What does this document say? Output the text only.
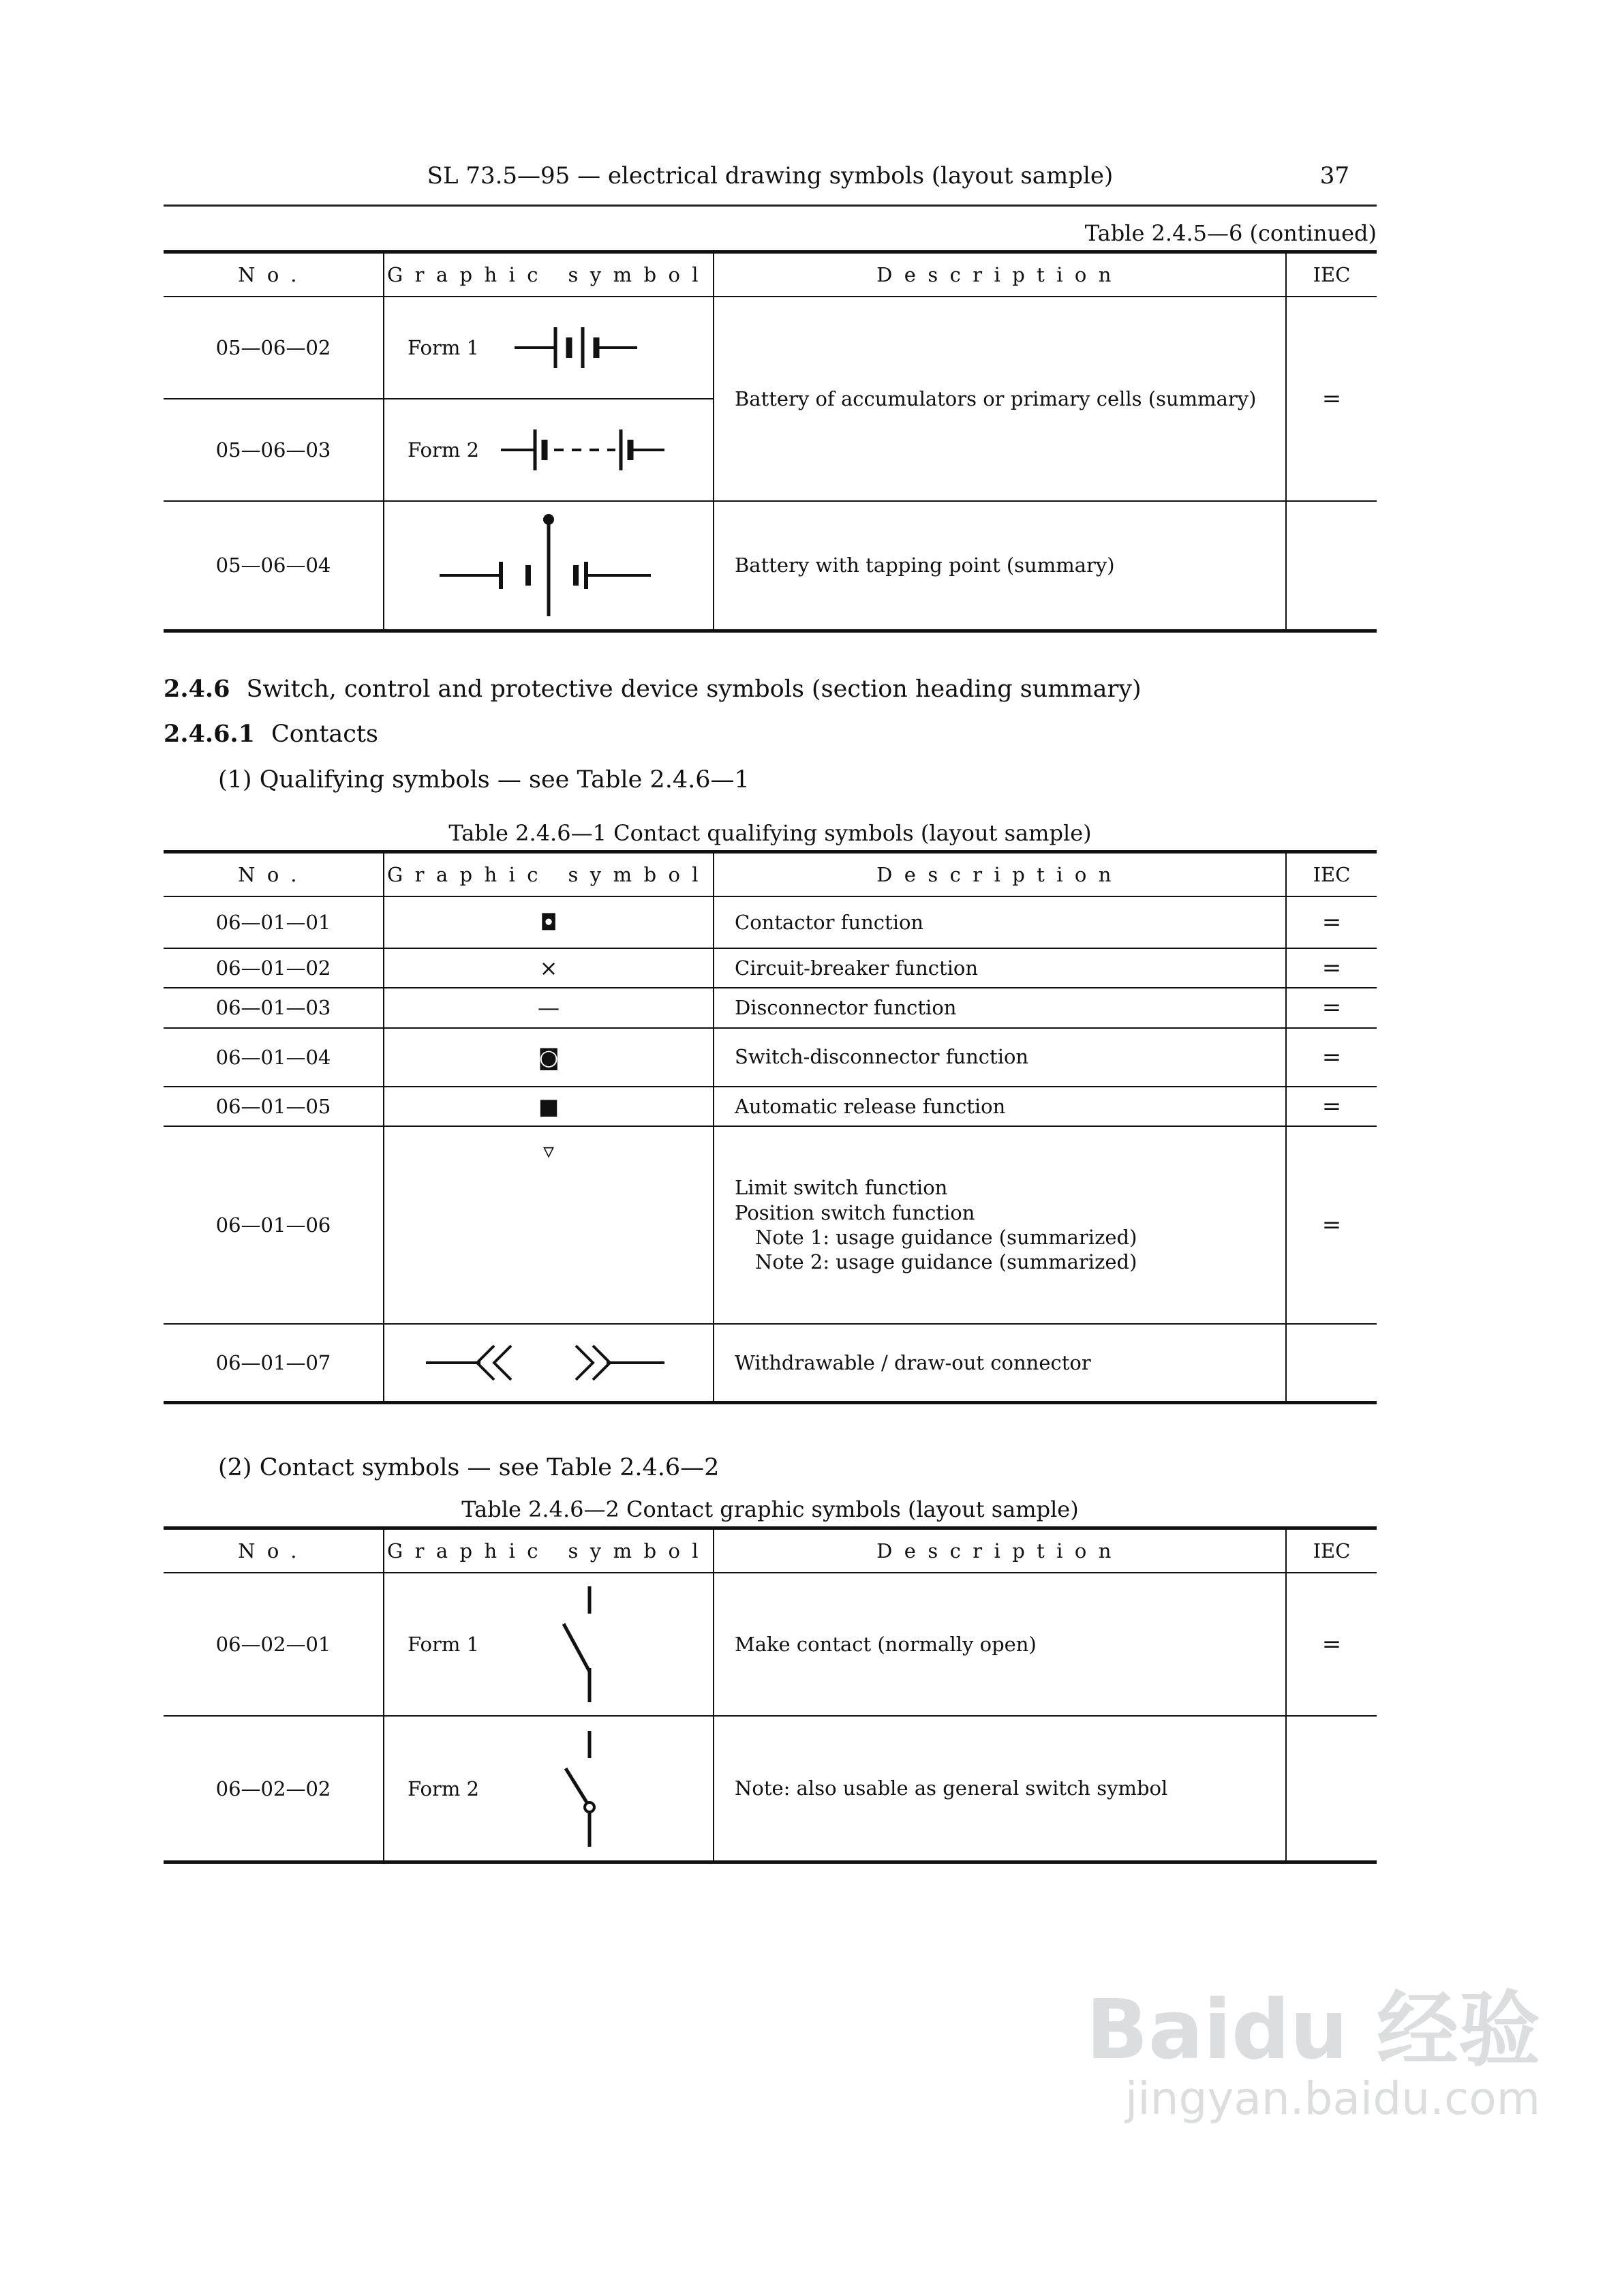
SL 73.5—95 — electrical drawing symbols (layout sample)	37
Table 2.4.5—6 (continued)
No.	Graphic symbol	Description	IEC
05—06—02	Form 1	Battery of accumulators or primary cells (summary)	=
05—06—03	Form 2		

05—06—04		Battery with tapping point (summary)	
2.4.6 Switch, control and protective device symbols (section heading summary)
2.4.6.1 Contacts
(1) Qualifying symbols — see Table 2.4.6—1
Table 2.4.6—1 Contact qualifying symbols (layout sample)
No.	Graphic symbol	Description	IEC
06—01—01	◘	Contactor function	=
06—01—02	×	Circuit-breaker function	=
06—01—03	—	Disconnector function	=
06—01—04	◙	Switch-disconnector function	=
06—01—05	■	Automatic release function	=
06—01—06	▿	Limit switch function
Position switch function
Note 1: usage guidance (summarized)
Note 2: usage guidance (summarized)	=
06—01—07		Withdrawable / draw-out connector	
(2) Contact symbols — see Table 2.4.6—2
Table 2.4.6—2 Contact graphic symbols (layout sample)
No.	Graphic symbol	Description	IEC
06—02—01	Form 1	Make contact (normally open)	=
06—02—02	Form 2	Note: also usable as general switch symbol	
Baidu 经验
jingyan.baidu.com
